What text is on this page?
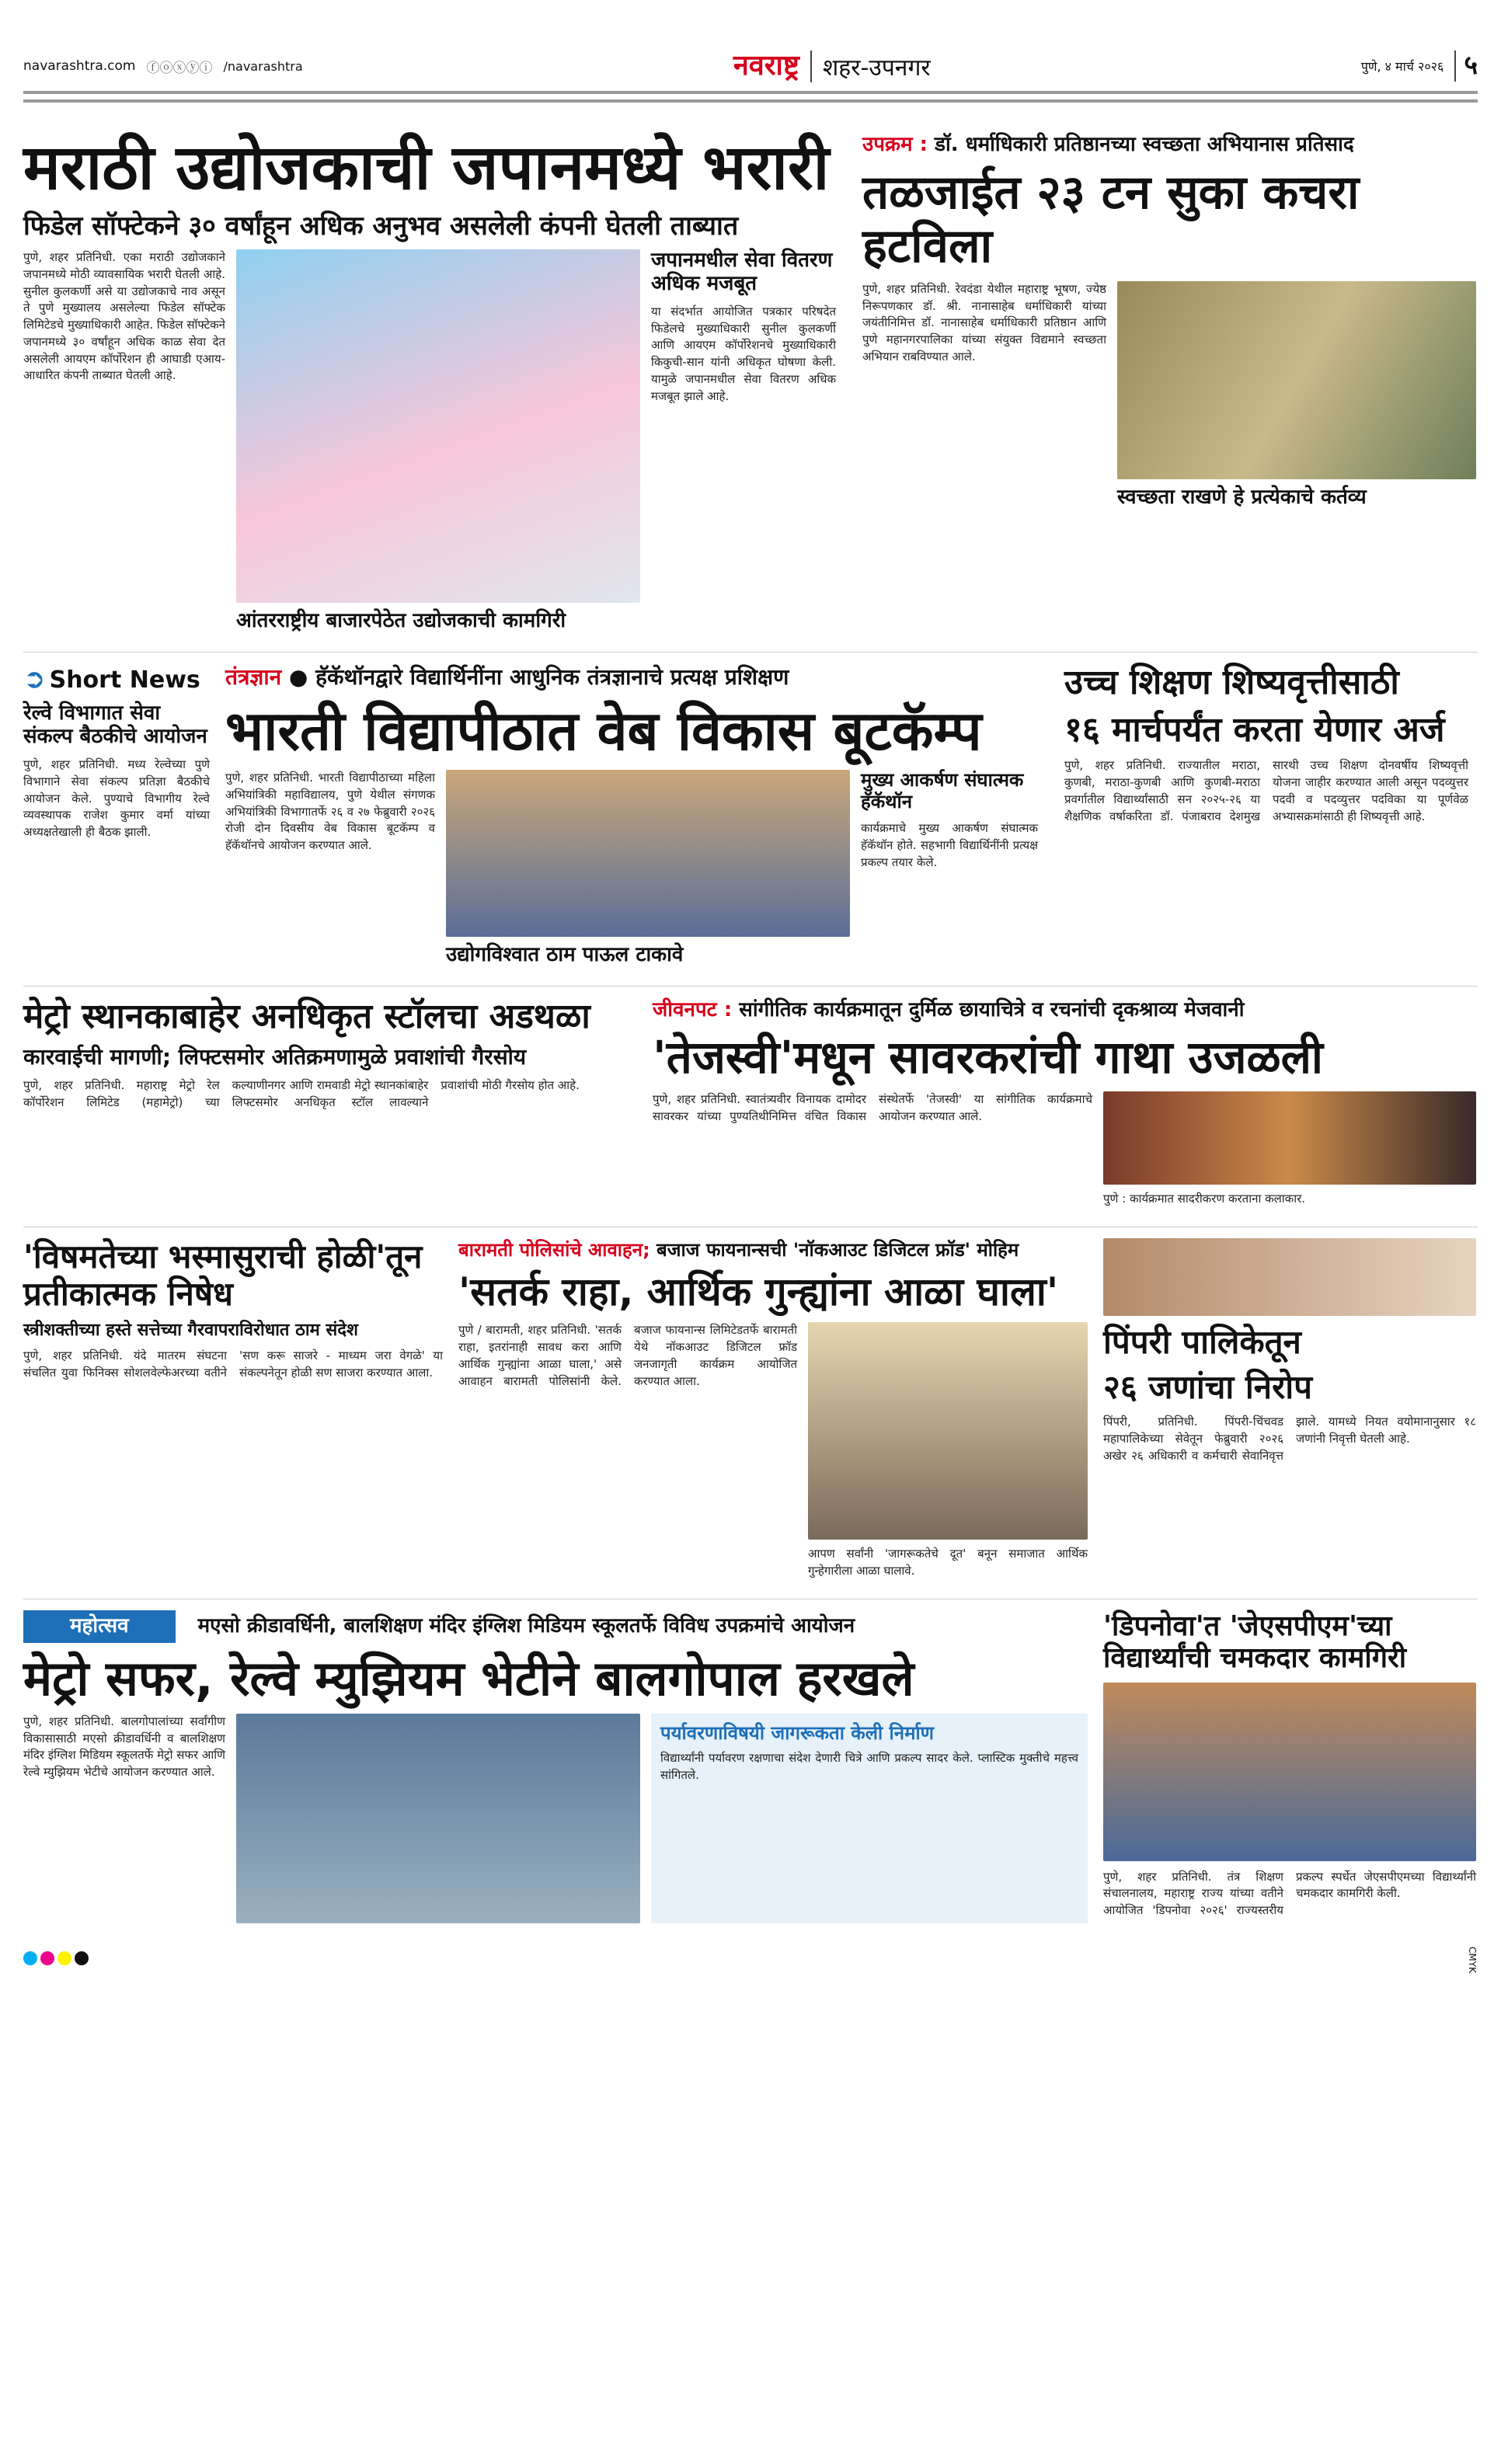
navarashtra.com ⓕⓞⓧⓨⓘ /navarashtra	नवराष्ट्र	शहर-उपनगर	पुणे, ४ मार्च २०२६ ५
मराठी उद्योजकाची जपानमध्ये भरारी
फिडेल सॉफ्टेकने ३० वर्षांहून अधिक अनुभव असलेली कंपनी घेतली ताब्यात
पुणे, शहर प्रतिनिधी. एका मराठी उद्योजकाने जपानमध्ये मोठी व्यावसायिक भरारी घेतली आहे. सुनील कुलकर्णी असे या उद्योजकाचे नाव असून ते पुणे मुख्यालय असलेल्या फिडेल सॉफ्टेक लिमिटेडचे मुख्याधिकारी आहेत. फिडेल सॉफ्टेकने जपानमध्ये ३० वर्षांहून अधिक काळ सेवा देत असलेली आयएम कॉर्पोरेशन ही आघाडी एआय-आधारित कंपनी ताब्यात घेतली आहे.
आंतरराष्ट्रीय बाजारपेठेत उद्योजकाची कामगिरी
जपानमधील सेवा वितरण अधिक मजबूत
या संदर्भात आयोजित पत्रकार परिषदेत फिडेलचे मुख्याधिकारी सुनील कुलकर्णी आणि आयएम कॉर्पोरेशनचे मुख्याधिकारी किकुची-सान यांनी अधिकृत घोषणा केली. यामुळे जपानमधील सेवा वितरण अधिक मजबूत झाले आहे.
उपक्रम : डॉ. धर्माधिकारी प्रतिष्ठानच्या स्वच्छता अभियानास प्रतिसाद
तळजाईत २३ टन सुका कचरा हटविला
पुणे, शहर प्रतिनिधी. रेवदंडा येथील महाराष्ट्र भूषण, ज्येष्ठ निरूपणकार डॉ. श्री. नानासाहेब धर्माधिकारी यांच्या जयंतीनिमित्त डॉ. नानासाहेब धर्माधिकारी प्रतिष्ठान आणि पुणे महानगरपालिका यांच्या संयुक्त विद्यमाने स्वच्छता अभियान राबविण्यात आले.
स्वच्छता राखणे हे प्रत्येकाचे कर्तव्य
➲ Short News
रेल्वे विभागात सेवा संकल्प बैठकीचे आयोजन
पुणे, शहर प्रतिनिधी. मध्य रेल्वेच्या पुणे विभागाने सेवा संकल्प प्रतिज्ञा बैठकीचे आयोजन केले. पुण्याचे विभागीय रेल्वे व्यवस्थापक राजेश कुमार वर्मा यांच्या अध्यक्षतेखाली ही बैठक झाली.
तंत्रज्ञान ● हॅकॅथॉनद्वारे विद्यार्थिनींना आधुनिक तंत्रज्ञानाचे प्रत्यक्ष प्रशिक्षण
भारती विद्यापीठात वेब विकास बूटकॅम्प
पुणे, शहर प्रतिनिधी. भारती विद्यापीठाच्या महिला अभियांत्रिकी महाविद्यालय, पुणे येथील संगणक अभियांत्रिकी विभागातर्फे २६ व २७ फेब्रुवारी २०२६ रोजी दोन दिवसीय वेब विकास बूटकॅम्प व हॅकॅथॉनचे आयोजन करण्यात आले.
उद्योगविश्वात ठाम पाऊल टाकावे
मुख्य आकर्षण संघात्मक हॅकॅथॉन
कार्यक्रमाचे मुख्य आकर्षण संघात्मक हॅकॅथॉन होते. सहभागी विद्यार्थिनींनी प्रत्यक्ष प्रकल्प तयार केले.
उच्च शिक्षण शिष्यवृत्तीसाठी
१६ मार्चपर्यंत करता येणार अर्ज
पुणे, शहर प्रतिनिधी. राज्यातील मराठा, कुणबी, मराठा-कुणबी आणि कुणबी-मराठा प्रवर्गातील विद्यार्थ्यांसाठी सन २०२५-२६ या शैक्षणिक वर्षाकरिता डॉ. पंजाबराव देशमुख सारथी उच्च शिक्षण दोनवर्षीय शिष्यवृत्ती योजना जाहीर करण्यात आली असून पदव्युत्तर पदवी व पदव्युत्तर पदविका या पूर्णवेळ अभ्यासक्रमांसाठी ही शिष्यवृत्ती आहे.
मेट्रो स्थानकाबाहेर अनधिकृत स्टॉलचा अडथळा
कारवाईची मागणी; लिफ्टसमोर अतिक्रमणामुळे प्रवाशांची गैरसोय
पुणे, शहर प्रतिनिधी. महाराष्ट्र मेट्रो रेल कॉर्पोरेशन लिमिटेड (महामेट्रो) च्या कल्याणीनगर आणि रामवाडी मेट्रो स्थानकांबाहेर लिफ्टसमोर अनधिकृत स्टॉल लावल्याने प्रवाशांची मोठी गैरसोय होत आहे.
जीवनपट : सांगीतिक कार्यक्रमातून दुर्मिळ छायाचित्रे व रचनांची दृकश्राव्य मेजवानी
'तेजस्वी'मधून सावरकरांची गाथा उजळली
पुणे, शहर प्रतिनिधी. स्वातंत्र्यवीर विनायक दामोदर सावरकर यांच्या पुण्यतिथीनिमित्त वंचित विकास संस्थेतर्फे 'तेजस्वी' या सांगीतिक कार्यक्रमाचे आयोजन करण्यात आले.
पुणे : कार्यक्रमात सादरीकरण करताना कलाकार.
'विषमतेच्या भस्मासुराची होळी'तून प्रतीकात्मक निषेध
स्त्रीशक्तीच्या हस्ते सत्तेच्या गैरवापराविरोधात ठाम संदेश
पुणे, शहर प्रतिनिधी. यंदे मातरम संघटना संचलित युवा फिनिक्स सोशलवेल्फेअरच्या वतीने 'सण करू साजरे - माध्यम जरा वेगळे' या संकल्पनेतून होळी सण साजरा करण्यात आला.
बारामती पोलिसांचे आवाहन; बजाज फायनान्सची 'नॉकआउट डिजिटल फ्रॉड' मोहिम
'सतर्क राहा, आर्थिक गुन्ह्यांना आळा घाला'
पुणे / बारामती, शहर प्रतिनिधी. 'सतर्क राहा, इतरांनाही सावध करा आणि आर्थिक गुन्ह्यांना आळा घाला,' असे आवाहन बारामती पोलिसांनी केले. बजाज फायनान्स लिमिटेडतर्फे बारामती येथे नॉकआउट डिजिटल फ्रॉड जनजागृती कार्यक्रम आयोजित करण्यात आला.
आपण सर्वांनी 'जागरूकतेचे दूत' बनून समाजात आर्थिक गुन्हेगारीला आळा घालावे.
पिंपरी पालिकेतून
२६ जणांचा निरोप
पिंपरी, प्रतिनिधी. पिंपरी-चिंचवड महापालिकेच्या सेवेतून फेब्रुवारी २०२६ अखेर २६ अधिकारी व कर्मचारी सेवानिवृत्त झाले. यामध्ये नियत वयोमानानुसार १८ जणांनी निवृत्ती घेतली आहे.
महोत्सव	मएसो क्रीडावर्धिनी, बालशिक्षण मंदिर इंग्लिश मिडियम स्कूलतर्फे विविध उपक्रमांचे आयोजन
मेट्रो सफर, रेल्वे म्युझियम भेटीने बालगोपाल हरखले
पुणे, शहर प्रतिनिधी. बालगोपालांच्या सर्वांगीण विकासासाठी मएसो क्रीडावर्धिनी व बालशिक्षण मंदिर इंग्लिश मिडियम स्कूलतर्फे मेट्रो सफर आणि रेल्वे म्युझियम भेटीचे आयोजन करण्यात आले.
पर्यावरणाविषयी जागरूकता केली निर्माण
विद्यार्थ्यांनी पर्यावरण रक्षणाचा संदेश देणारी चित्रे आणि प्रकल्प सादर केले. प्लास्टिक मुक्तीचे महत्त्व सांगितले.
'डिपनोवा'त 'जेएसपीएम'च्या विद्यार्थ्यांची चमकदार कामगिरी
पुणे, शहर प्रतिनिधी. तंत्र शिक्षण संचालनालय, महाराष्ट्र राज्य यांच्या वतीने आयोजित 'डिपनोवा २०२६' राज्यस्तरीय प्रकल्प स्पर्धेत जेएसपीएमच्या विद्यार्थ्यांनी चमकदार कामगिरी केली.
CMYK
